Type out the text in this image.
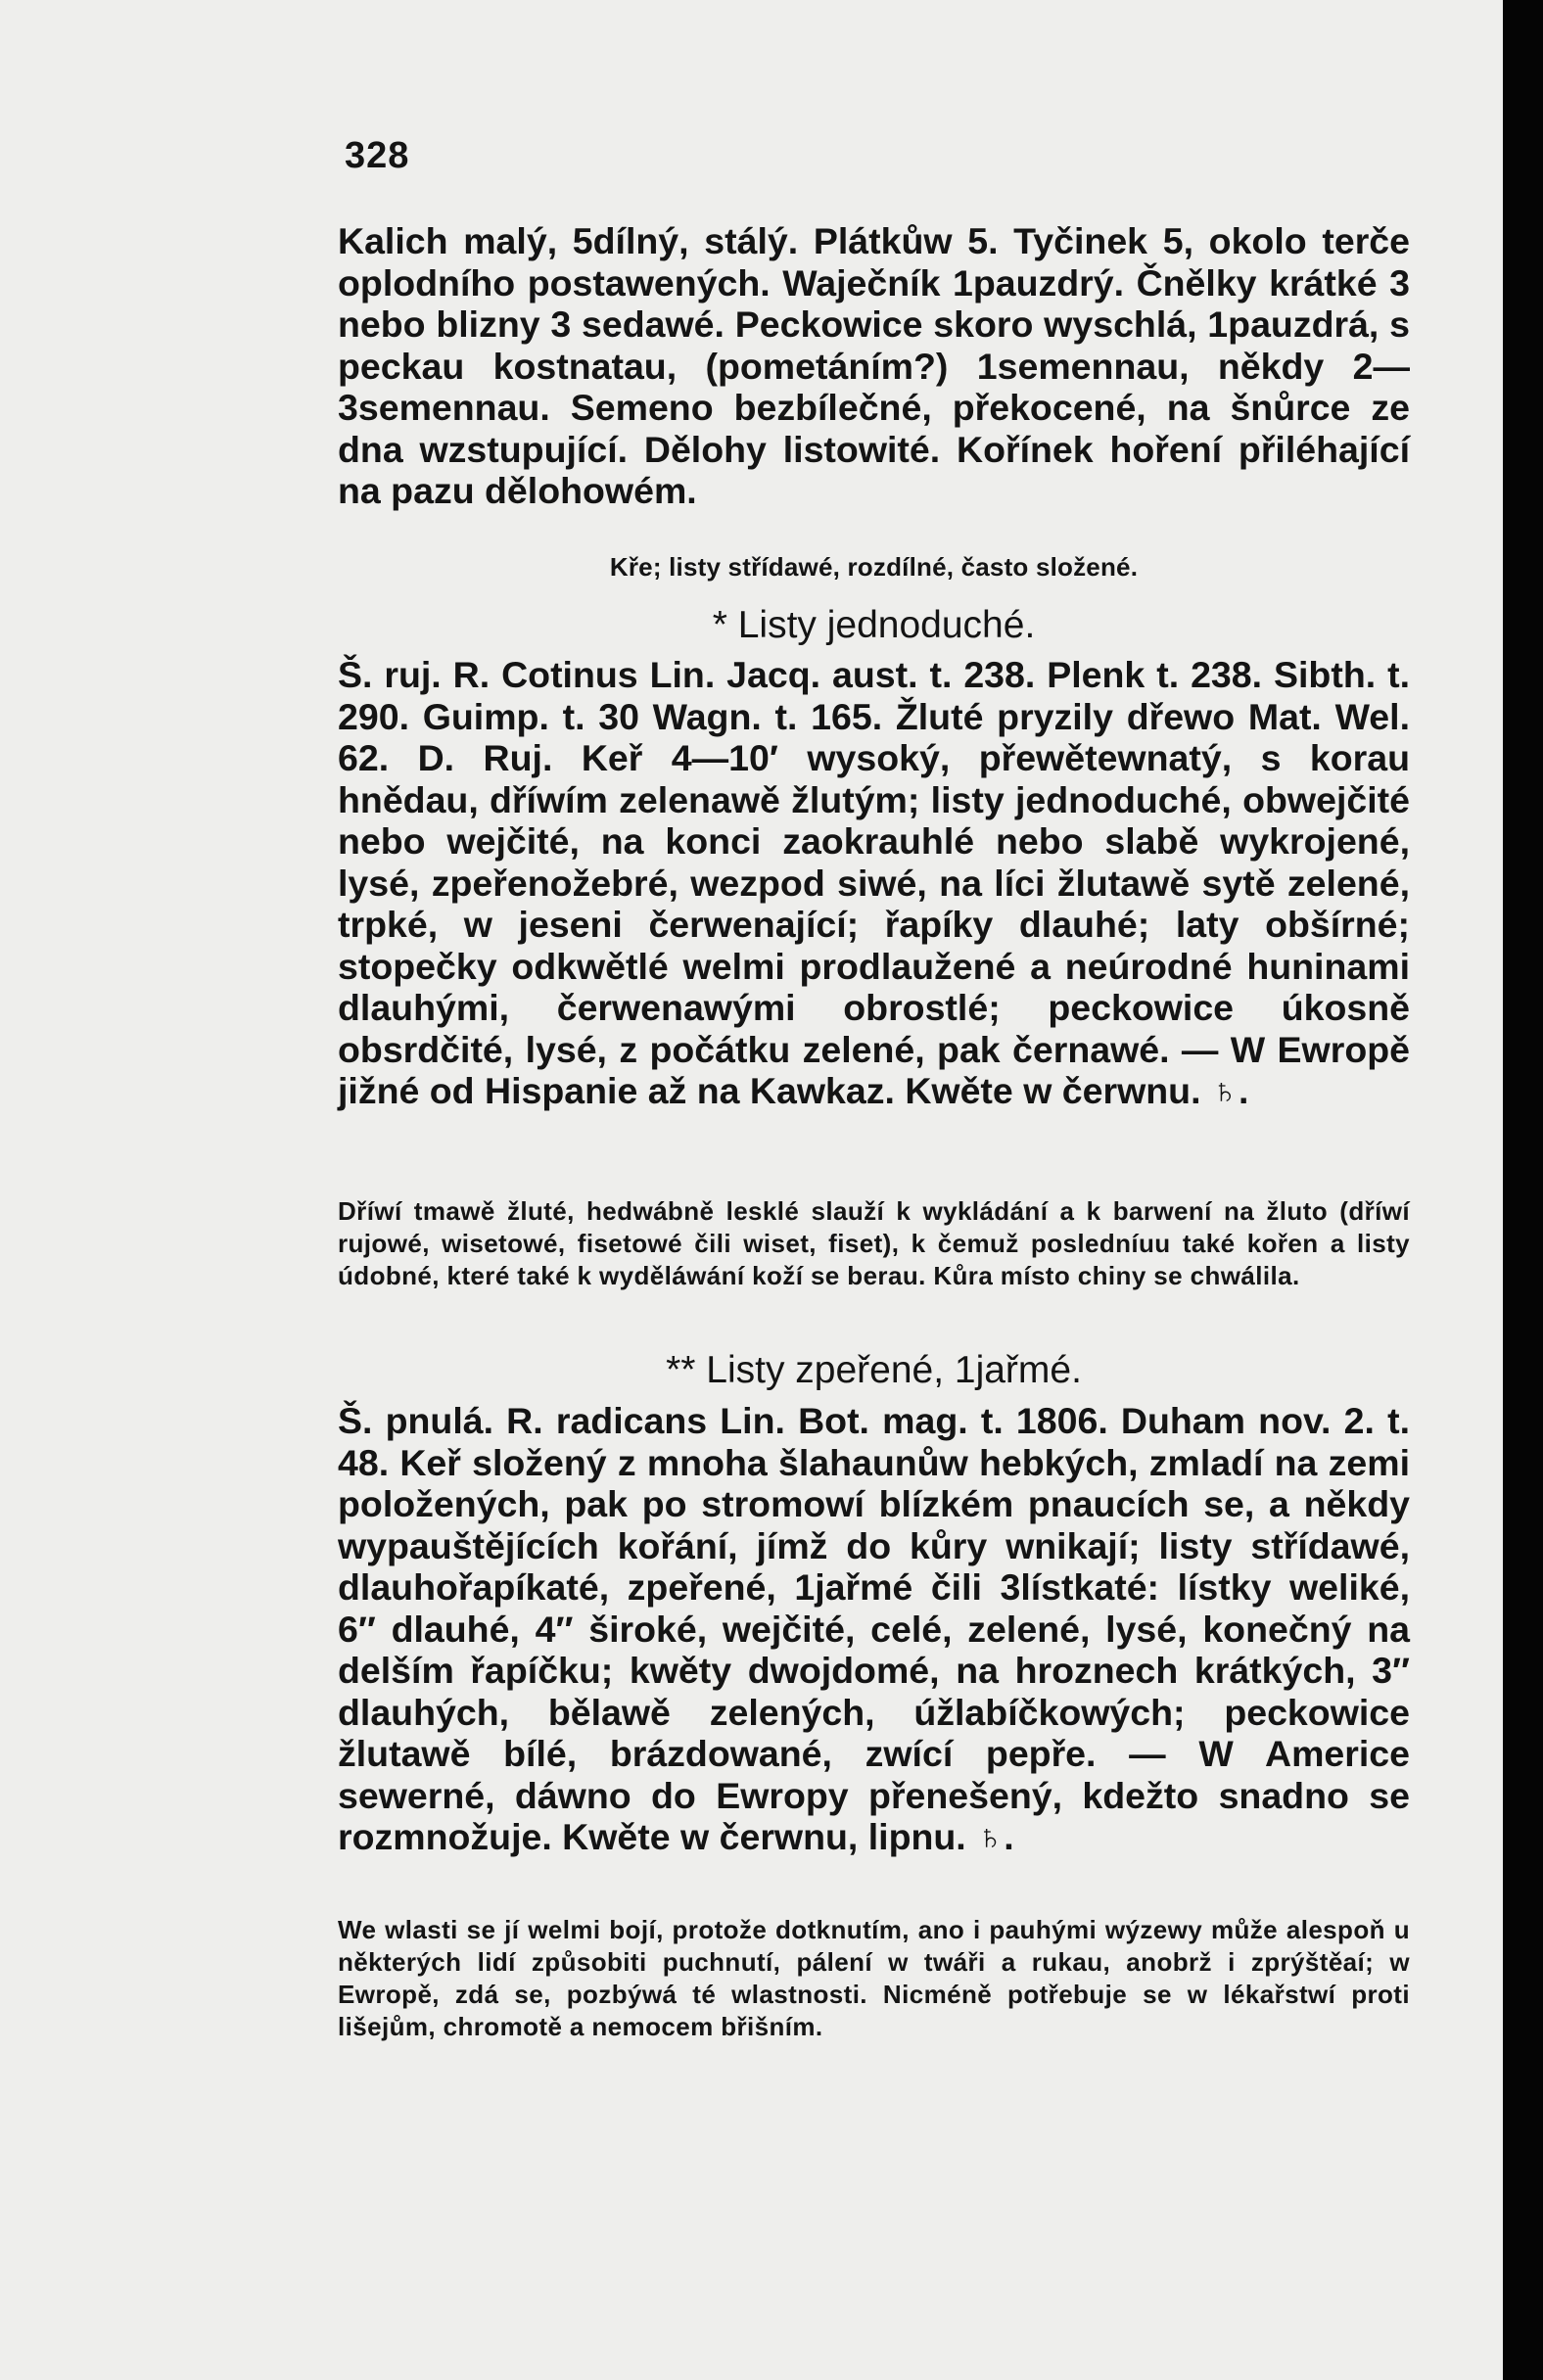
328
Kalich malý, 5dílný, stálý. Plátkůw 5. Tyčinek 5, okolo terče oplodního postawených. Waječník 1pauzdrý. Čnělky krátké 3 nebo blizny 3 sedawé. Peckowice skoro wyschlá, 1pauzdrá, s peckau kostnatau, (pometáním?) 1semennau, někdy 2—3semennau. Semeno bezbílečné, překocené, na šnůrce ze dna wzstupující. Dělohy listowité. Kořínek hoření přiléhající na pazu dělohowém.
Kře; listy střídawé, rozdílné, často složené.
* Listy jednoduché.
Š. ruj. R. Cotinus Lin. Jacq. aust. t. 238. Plenk t. 238. Sibth. t. 290. Guimp. t. 30 Wagn. t. 165. Žluté pryzily dřewo Mat. Wel. 62. D. Ruj. Keř 4—10′ wysoký, přewětewnatý, s korau hnědau, dříwím zelenawě žlutým; listy jednoduché, obwejčité nebo wejčité, na konci zaokrauhlé nebo slabě wykrojené, lysé, zpeřenožebré, wezpod siwé, na líci žlutawě sytě zelené, trpké, w jeseni čerwenající; řapíky dlauhé; laty obšírné; stopečky odkwětlé welmi prodlaužené a neúrodné huninami dlauhými, čerwenawými obrostlé; peckowice úkosně obsrdčité, lysé, z počátku zelené, pak černawé. — W Ewropě jižné od Hispanie až na Kawkaz. Kwěte w čerwnu. ♄.
Dříwí tmawě žluté, hedwábně lesklé slauží k wykládání a k barwení na žluto (dříwí rujowé, wisetowé, fisetowé čili wiset, fiset), k čemuž posledníuu také kořen a listy údobné, které také k wyděláwání koží se berau. Kůra místo chiny se chwálila.
** Listy zpeřené, 1jařmé.
Š. pnulá. R. radicans Lin. Bot. mag. t. 1806. Duham nov. 2. t. 48. Keř složený z mnoha šlahaunůw hebkých, zmladí na zemi položených, pak po stromowí blízkém pnaucích se, a někdy wypauštějících kořání, jímž do kůry wnikají; listy střídawé, dlauhořapíkaté, zpeřené, 1jařmé čili 3lístkaté: lístky weliké, 6″ dlauhé, 4″ široké, wejčité, celé, zelené, lysé, konečný na delším řapíčku; kwěty dwojdomé, na hroznech krátkých, 3″ dlauhých, bělawě zelených, úžlabíčkowých; peckowice žlutawě bílé, brázdowané, zwící pepře. — W Americe sewerné, dáwno do Ewropy přenešený, kdežto snadno se rozmnožuje. Kwěte w čerwnu, lipnu. ♄.
We wlasti se jí welmi bojí, protože dotknutím, ano i pauhými wýzewy může alespoň u některých lidí způsobiti puchnutí, pálení w twáři a rukau, anobrž i zprýštěaí; w Ewropě, zdá se, pozbýwá té wlastnosti. Nicméně potřebuje se w lékařstwí proti lišejům, chromotě a nemocem břišním.
